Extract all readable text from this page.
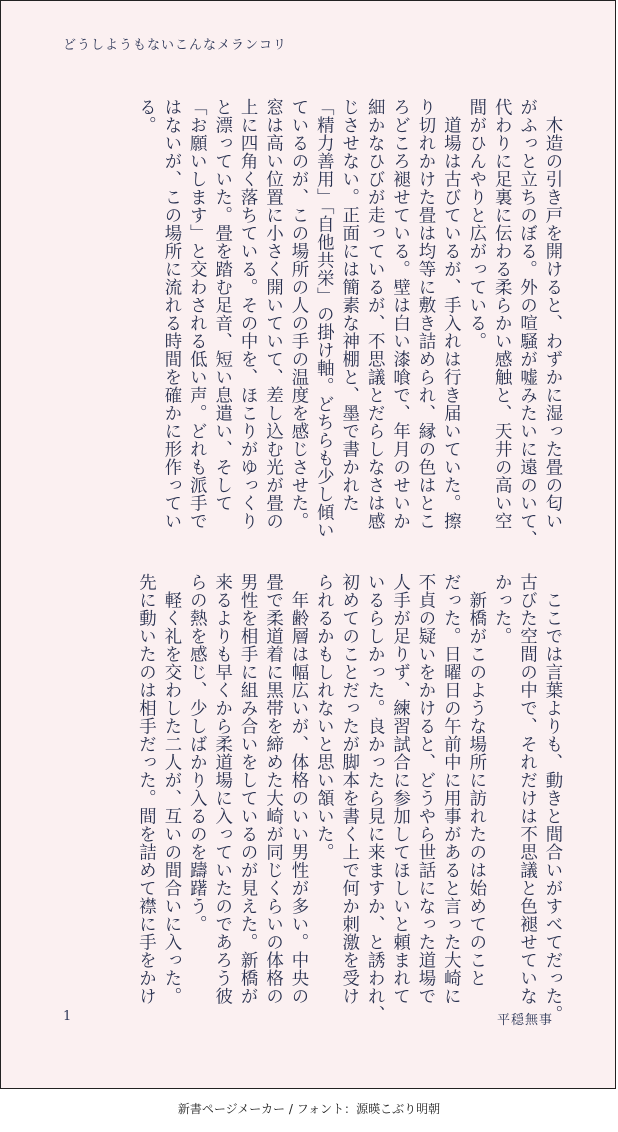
どうしようもないこんなメランコリ
　木造の引き戸を開けると、わずかに湿った畳の匂い
がふっと立ちのぼる。外の喧騒が嘘みたいに遠のいて、
代わりに足裏に伝わる柔らかい感触と、天井の高い空
間がひんやりと広がっている。
　道場は古びているが、手入れは行き届いていた。擦
り切れかけた畳は均等に敷き詰められ、縁の色はとこ
ろどころ褪せている。壁は白い漆喰で、年月のせいか
細かなひびが走っているが、不思議とだらしなさは感
じさせない。正面には簡素な神棚と、墨で書かれた
「精力善用」「自他共栄」の掛け軸。どちらも少し傾い
ているのが、この場所の人の手の温度を感じさせた。
窓は高い位置に小さく開いていて、差し込む光が畳の
上に四角く落ちている。その中を、ほこりがゆっくり
と漂っていた。畳を踏む足音、短い息遣い、そして
「お願いします」と交わされる低い声。どれも派手で
はないが、この場所に流れる時間を確かに形作ってい
る。
　ここでは言葉よりも、動きと間合いがすべてだった。
古びた空間の中で、それだけは不思議と色褪せていな
かった。
　新橋がこのような場所に訪れたのは始めてのこと
だった。日曜日の午前中に用事があると言った大崎に
不貞の疑いをかけると、どうやら世話になった道場で
人手が足りず、練習試合に参加してほしいと頼まれて
いるらしかった。良かったら見に来ますか、と誘われ、
初めてのことだったが脚本を書く上で何か刺激を受け
られるかもしれないと思い頷いた。
　年齢層は幅広いが、体格のいい男性が多い。中央の
畳で柔道着に黒帯を締めた大崎が同じくらいの体格の
男性を相手に組み合いをしているのが見えた。新橋が
来るよりも早くから柔道場に入っていたのであろう彼
らの熱を感じ、少しばかり入るのを躊躇う。
　軽く礼を交わした二人が、互いの間合いに入った。
先に動いたのは相手だった。間を詰めて襟に手をかけ
1	平穏無事
新書ページメーカー / フォント：源暎こぶり明朝
